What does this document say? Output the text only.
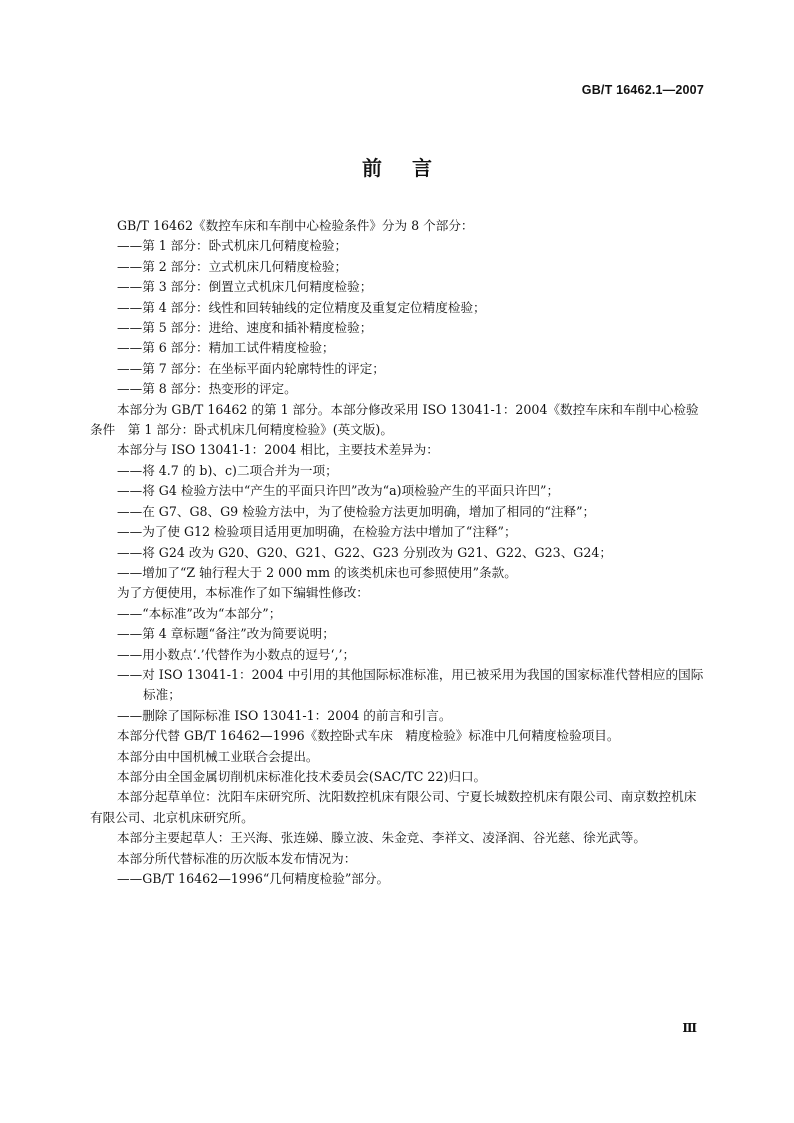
GB/T 16462.1—2007
前言

GB/T 16462《数控车床和车削中心检验条件》分为 8 个部分：

——第 1 部分：卧式机床几何精度检验；

——第 2 部分：立式机床几何精度检验；

——第 3 部分：倒置立式机床几何精度检验；

——第 4 部分：线性和回转轴线的定位精度及重复定位精度检验；

——第 5 部分：进给、速度和插补精度检验；

——第 6 部分：精加工试件精度检验；

——第 7 部分：在坐标平面内轮廓特性的评定；

——第 8 部分：热变形的评定。

本部分为 GB/T 16462 的第 1 部分。本部分修改采用 ISO 13041-1：2004《数控车床和车削中心检验条件　第 1 部分：卧式机床几何精度检验》(英文版)。

本部分与 ISO 13041-1：2004 相比，主要技术差异为：

——将 4.7 的 b)、c)二项合并为一项；

——将 G4 检验方法中“产生的平面只许凹”改为“a)项检验产生的平面只许凹”；

——在 G7、G8、G9 检验方法中，为了使检验方法更加明确，增加了相同的“注释”；

——为了使 G12 检验项目适用更加明确，在检验方法中增加了“注释”；

——将 G24 改为 G20、G20、G21、G22、G23 分别改为 G21、G22、G23、G24；

——增加了“Z 轴行程大于 2 000 mm 的该类机床也可参照使用”条款。

为了方便使用，本标准作了如下编辑性修改：

——“本标准”改为“本部分”；

——第 4 章标题“备注”改为简要说明；

——用小数点‘.’代替作为小数点的逗号‘,’；

——对 ISO 13041-1：2004 中引用的其他国际标准标准，用已被采用为我国的国家标准代替相应的国际标准；

——删除了国际标准 ISO 13041-1：2004 的前言和引言。

本部分代替 GB/T 16462—1996《数控卧式车床　精度检验》标准中几何精度检验项目。

本部分由中国机械工业联合会提出。

本部分由全国金属切削机床标准化技术委员会(SAC/TC 22)归口。

本部分起草单位：沈阳车床研究所、沈阳数控机床有限公司、宁夏长城数控机床有限公司、南京数控机床有限公司、北京机床研究所。

本部分主要起草人：王兴海、张连娣、滕立波、朱金竞、李祥文、凌泽润、谷光慈、徐光武等。

本部分所代替标准的历次版本发布情况为：

——GB/T 16462—1996“几何精度检验”部分。

Ⅲ
